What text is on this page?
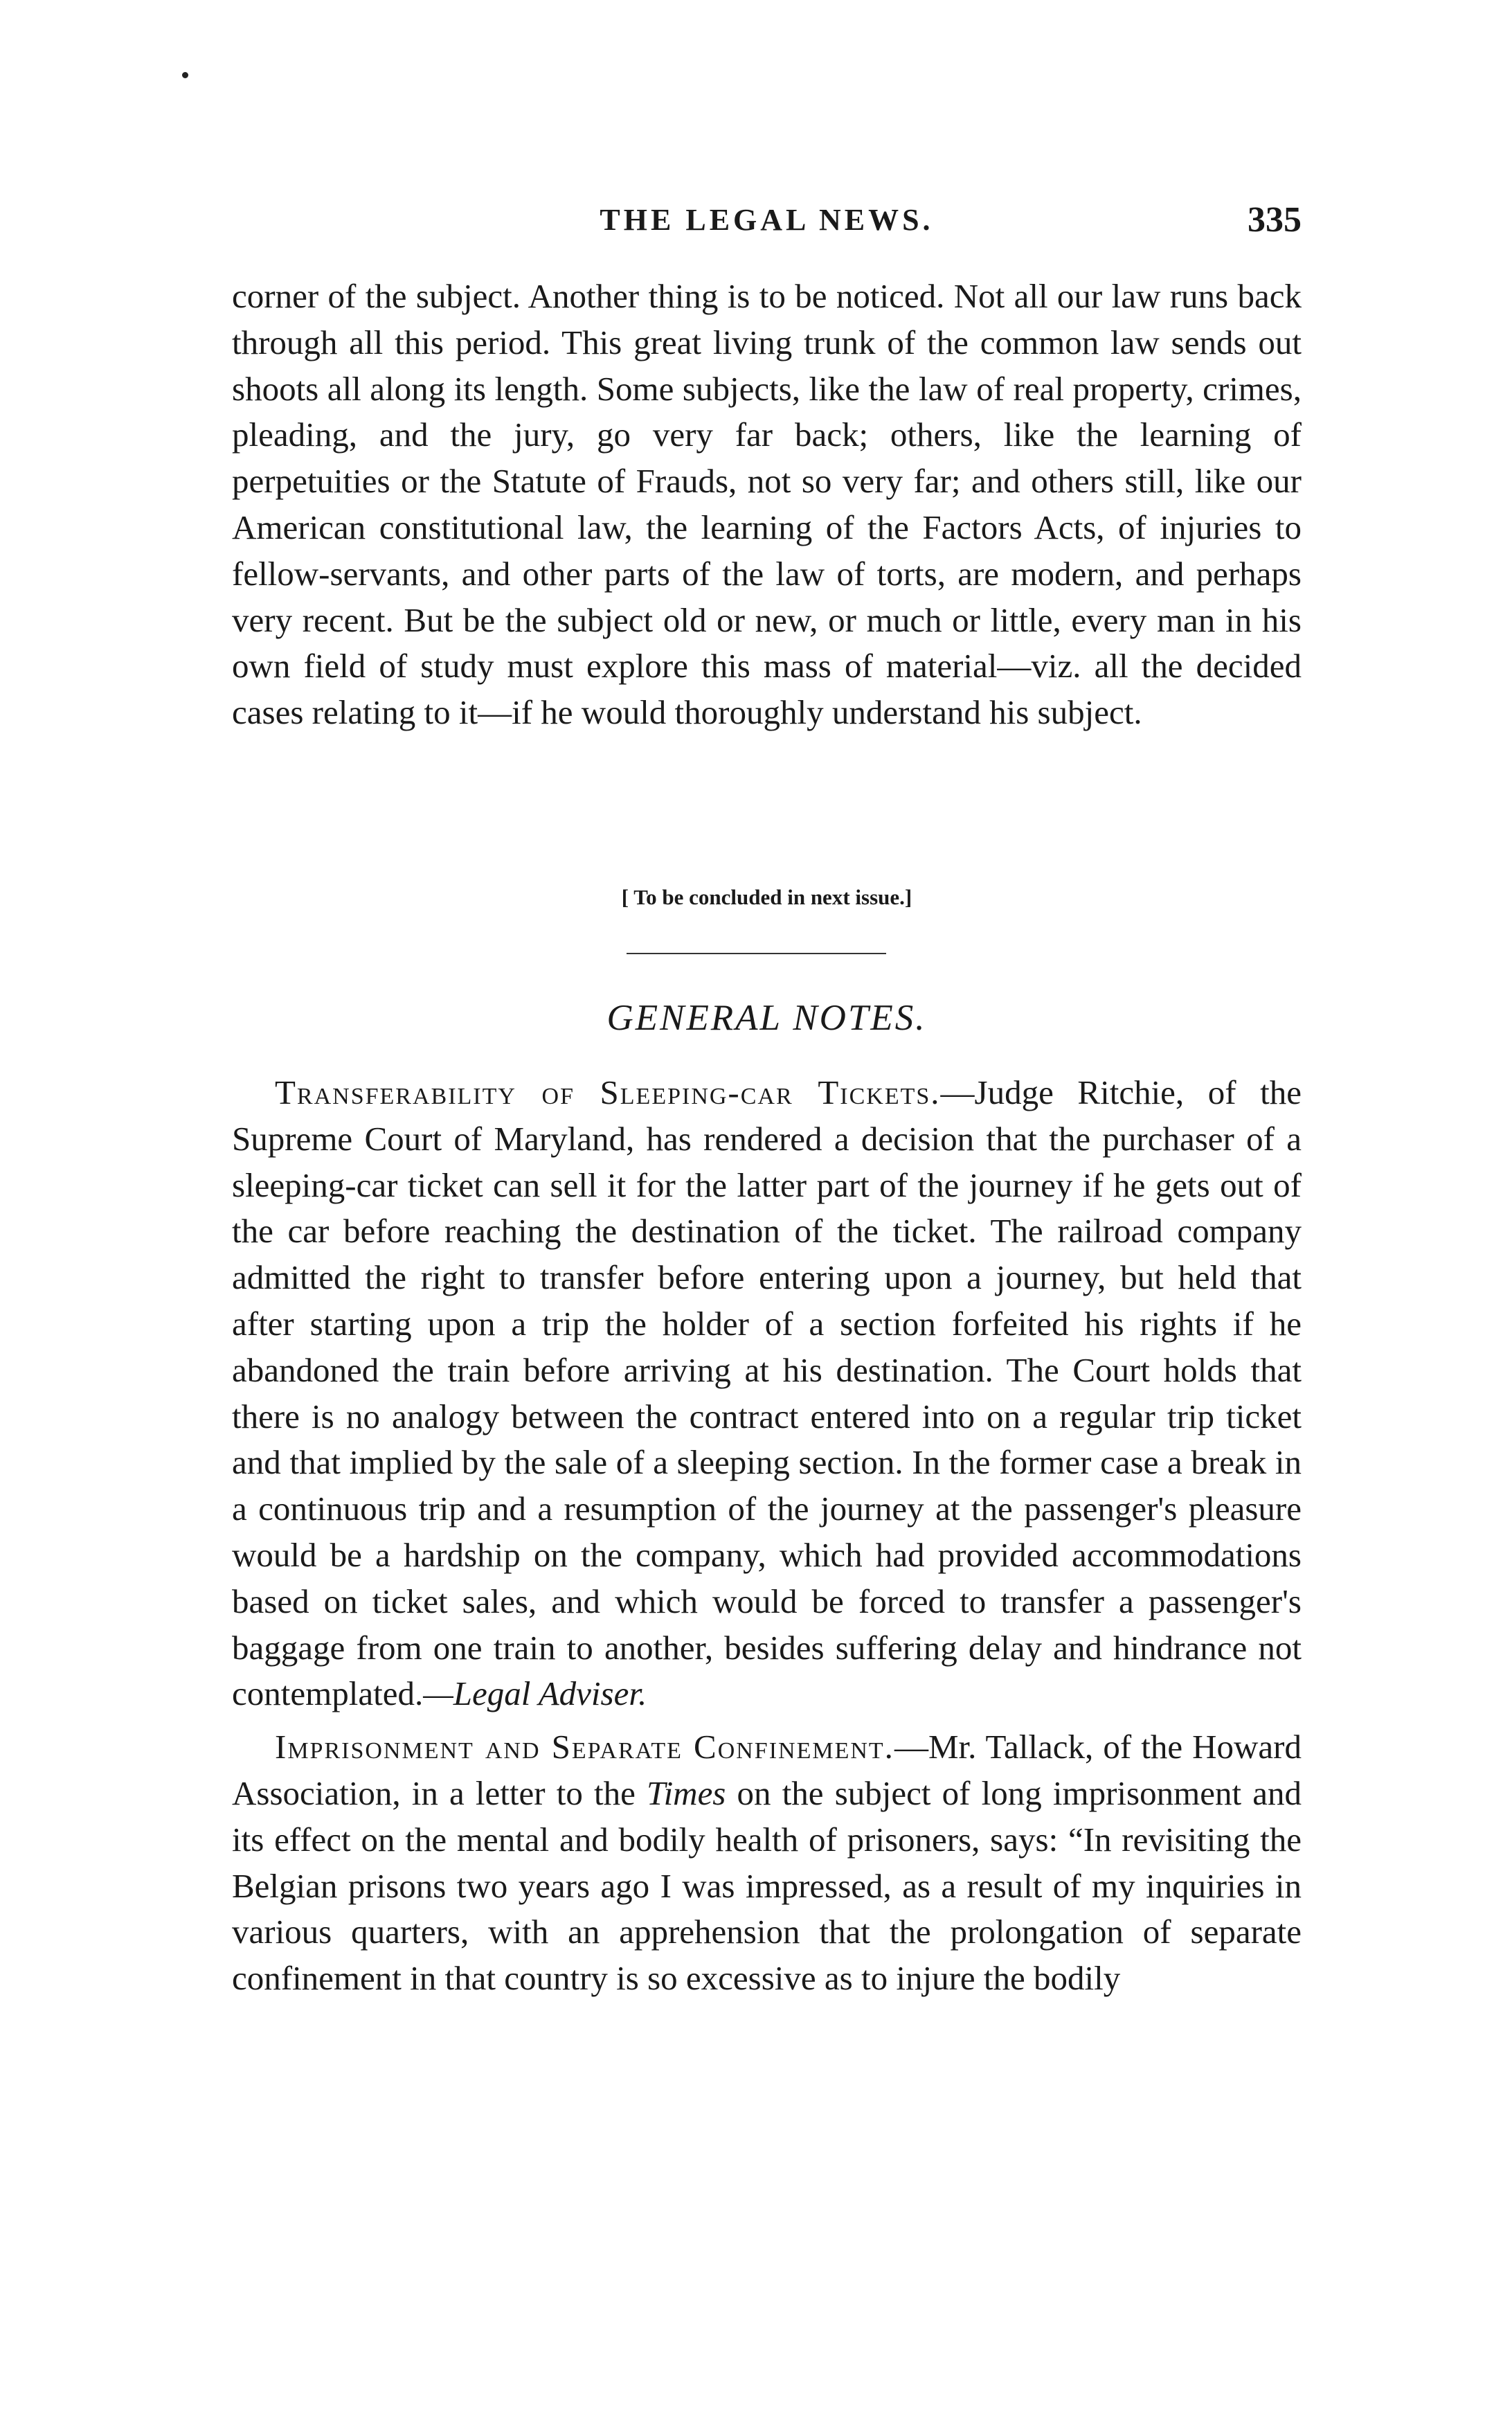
THE LEGAL NEWS.	335

corner of the subject. Another thing is to be noticed. Not all our law runs back through all this period. This great living trunk of the common law sends out shoots all along its length. Some subjects, like the law of real property, crimes, pleading, and the jury, go very far back; others, like the learning of perpetuities or the Statute of Frauds, not so very far; and others still, like our American constitutional law, the learning of the Factors Acts, of injuries to fellow-servants, and other parts of the law of torts, are modern, and perhaps very recent. But be the subject old or new, or much or little, every man in his own field of study must explore this mass of material—viz. all the decided cases relating to it—if he would thoroughly understand his subject.

[ To be concluded in next issue.]
GENERAL NOTES.

Transferability of Sleeping-car Tickets.—Judge Ritchie, of the Supreme Court of Maryland, has rendered a decision that the purchaser of a sleeping-car ticket can sell it for the latter part of the journey if he gets out of the car before reaching the destination of the ticket. The railroad company admitted the right to transfer before entering upon a journey, but held that after starting upon a trip the holder of a section forfeited his rights if he abandoned the train before arriving at his destination. The Court holds that there is no analogy between the contract entered into on a regular trip ticket and that implied by the sale of a sleeping section. In the former case a break in a continuous trip and a resumption of the journey at the passenger's pleasure would be a hardship on the company, which had provided accommodations based on ticket sales, and which would be forced to transfer a passenger's baggage from one train to another, besides suffering delay and hindrance not contemplated.—Legal Adviser.

Imprisonment and Separate Confinement.—Mr. Tallack, of the Howard Association, in a letter to the Times on the subject of long imprisonment and its effect on the mental and bodily health of prisoners, says: “In revisiting the Belgian prisons two years ago I was impressed, as a result of my inquiries in various quarters, with an apprehension that the prolongation of separate confinement in that country is so excessive as to injure the bodily
